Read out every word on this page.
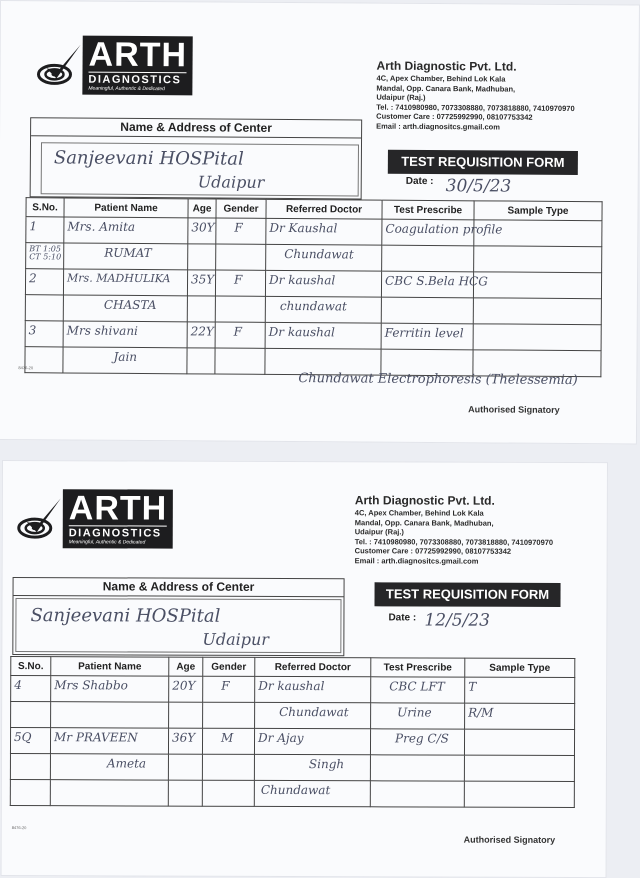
ARTH
DIAGNOSTICS
Meaningful, Authentic & Dedicated
Arth Diagnostic Pvt. Ltd.
4C, Apex Chamber, Behind Lok Kala
Mandal, Opp. Canara Bank, Madhuban,
Udaipur (Raj.)
Tel. : 7410980980, 7073308880, 7073818880, 7410970970
Customer Care : 07725992990, 08107753342
Email : arth.diagnositcs.gmail.com
Name & Address of Center
Sanjeevani HOSPital
Udaipur
TEST REQUISITION FORM
Date : 30/5/23
S.No.	Patient Name	Age	Gender	Referred Doctor	Test Prescribe	Sample Type

1	Mrs. Amita	30Y	F	Dr Kaushal	Coagulation profile	

BT 1:05 CT 5:10	RUMAT			Chundawat		

2	Mrs. MADHULIKA	35Y	F	Dr kaushal	CBC S.Bela HCG	

	CHASTA			chundawat		

3	Mrs shivani	22Y	F	Dr kaushal	Ferritin level	

	Jain					

Chundawat Electrophoresis (Thelessemia)
8476-20
Authorised Signatory
ARTH
DIAGNOSTICS
Meaningful, Authentic & Dedicated
Arth Diagnostic Pvt. Ltd.
4C, Apex Chamber, Behind Lok Kala
Mandal, Opp. Canara Bank, Madhuban,
Udaipur (Raj.)
Tel. : 7410980980, 7073308880, 7073818880, 7410970970
Customer Care : 07725992990, 08107753342
Email : arth.diagnositcs.gmail.com
Name & Address of Center
Sanjeevani HOSPital
Udaipur
TEST REQUISITION FORM
Date : 12/5/23
S.No.	Patient Name	Age	Gender	Referred Doctor	Test Prescribe	Sample Type

4	Mrs Shabbo	20Y	F	Dr kaushal	CBC LFT	T

				Chundawat	Urine	R/M

5Q	Mr PRAVEEN	36Y	M	Dr Ajay	Preg C/S	

	Ameta			Singh		

				Chundawat		

8476-20
Authorised Signatory
